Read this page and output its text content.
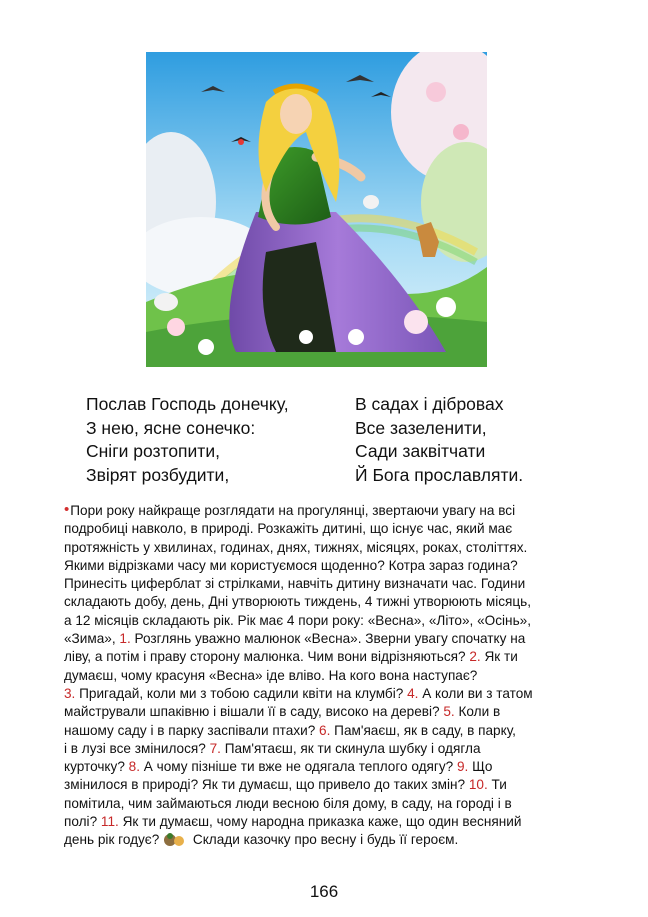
Послав Господь донечку,
З нею, ясне сонечко:
Сніги розтопити,
Звірят розбудити,
В садах і дібровах
Все зазеленити,
Сади заквітчати
Й Бога прославляти.
•Пори року найкраще розглядати на прогулянці, звертаючи увагу на всі
подробиці навколо, в природі. Розкажіть дитині, що існує час, який має
протяжність у хвилинах, годинах, днях, тижнях, місяцях, роках, століттях.
Якими відрізками часу ми користуємося щоденно? Котра зараз година?
Принесіть циферблат зі стрілками, навчіть дитину визначати час. Години
складають добу, день, Дні утворюють тиждень, 4 тижні утворюють місяць,
а 12 місяців складають рік. Рік має 4 пори року: «Весна», «Літо», «Осінь»,
«Зима», 1. Розглянь уважно малюнок «Весна». Зверни увагу спочатку на
ліву, а потім і праву сторону малюнка. Чим вони відрізняються? 2. Як ти
думаєш, чому красуня «Весна» іде вліво. На кого вона наступає?
3. Пригадай, коли ми з тобою садили квіти на клумбі? 4. А коли ви з татом
майстрували шпаківню і вішали її в саду, високо на дереві? 5. Коли в
нашому саду і в парку заспівали птахи? 6. Пам'яаєш, як в саду, в парку,
і в лузі все змінилося? 7. Пам'ятаєш, як ти скинула шубку і одягла
курточку? 8. А чому пізніше ти вже не одягала теплого одягу? 9. Що
змінилося в природі? Як ти думаєш, що привело до таких змін? 10. Ти
помітила, чим займаються люди весною біля дому, в саду, на городі і в
полі? 11. Як ти думаєш, чому народна приказка каже, що один весняний
день рік годує?  Склади казочку про весну і будь її героєм.
166
